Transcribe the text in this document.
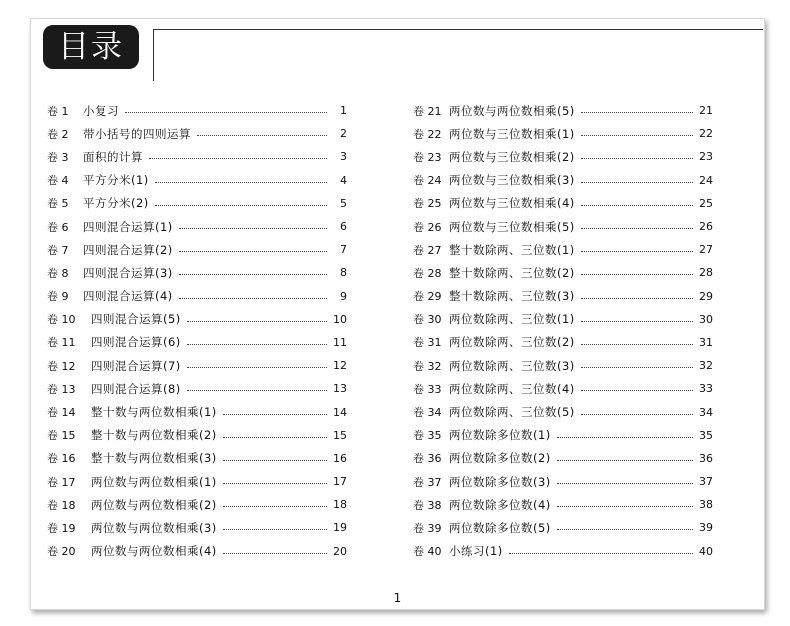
目录
卷 1	小复习	1
卷 2	带小括号的四则运算	2
卷 3	面积的计算	3
卷 4	平方分米(1)	4
卷 5	平方分米(2)	5
卷 6	四则混合运算(1)	6
卷 7	四则混合运算(2)	7
卷 8	四则混合运算(3)	8
卷 9	四则混合运算(4)	9
卷 10	四则混合运算(5)	10
卷 11	四则混合运算(6)	11
卷 12	四则混合运算(7)	12
卷 13	四则混合运算(8)	13
卷 14	整十数与两位数相乘(1)	14
卷 15	整十数与两位数相乘(2)	15
卷 16	整十数与两位数相乘(3)	16
卷 17	两位数与两位数相乘(1)	17
卷 18	两位数与两位数相乘(2)	18
卷 19	两位数与两位数相乘(3)	19
卷 20	两位数与两位数相乘(4)	20
卷 21 两位数与两位数相乘(5)	21
卷 22 两位数与三位数相乘(1)	22
卷 23 两位数与三位数相乘(2)	23
卷 24 两位数与三位数相乘(3)	24
卷 25 两位数与三位数相乘(4)	25
卷 26 两位数与三位数相乘(5)	26
卷 27 整十数除两、三位数(1)	27
卷 28 整十数除两、三位数(2)	28
卷 29 整十数除两、三位数(3)	29
卷 30 两位数除两、三位数(1)	30
卷 31 两位数除两、三位数(2)	31
卷 32 两位数除两、三位数(3)	32
卷 33 两位数除两、三位数(4)	33
卷 34 两位数除两、三位数(5)	34
卷 35 两位数除多位数(1)	35
卷 36 两位数除多位数(2)	36
卷 37 两位数除多位数(3)	37
卷 38 两位数除多位数(4)	38
卷 39 两位数除多位数(5)	39
卷 40 小练习(1)	40
1
